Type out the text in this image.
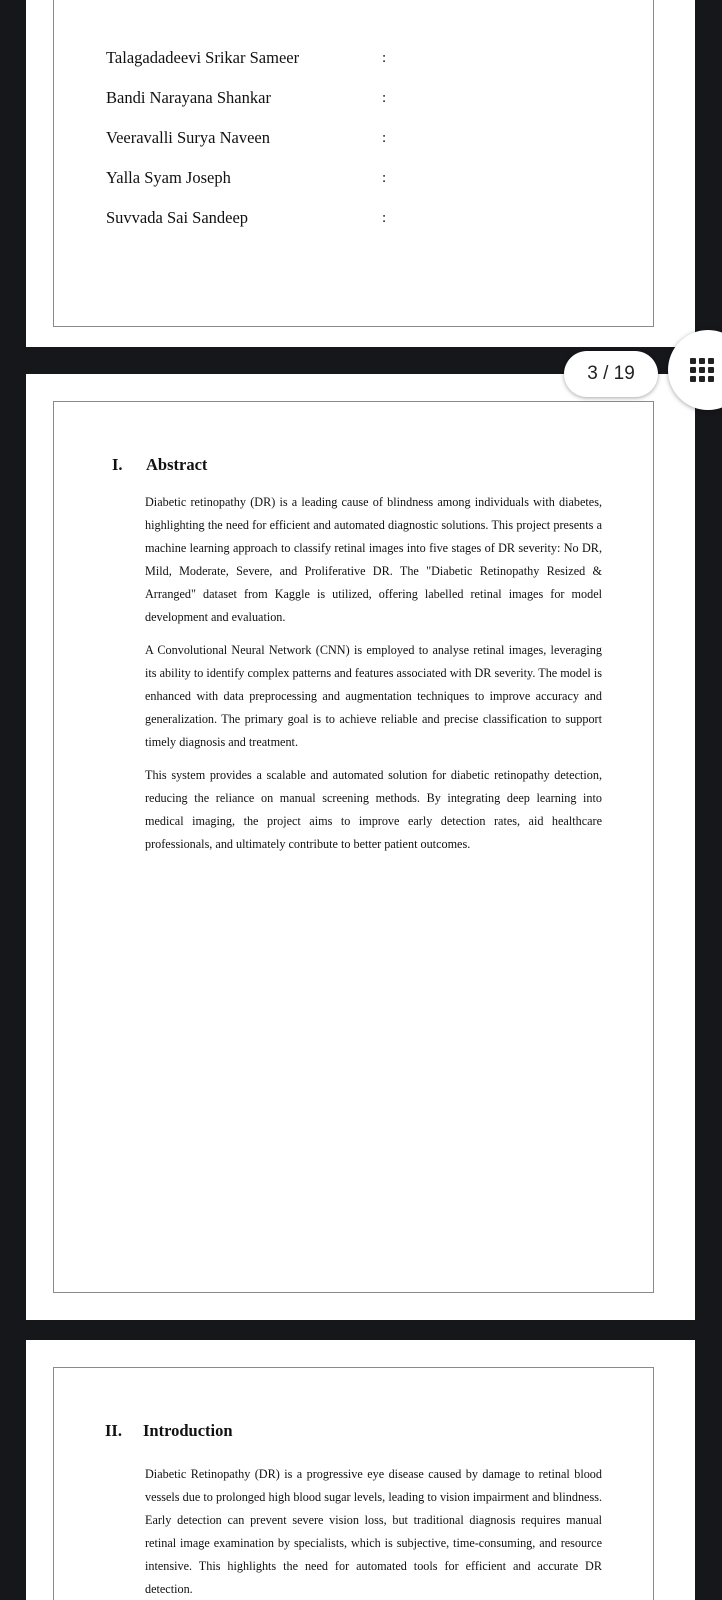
Talagadadeevi Srikar Sameer	:
Bandi Narayana Shankar	:
Veeravalli Surya Naveen	:
Yalla Syam Joseph	:
Suvvada Sai Sandeep	:
I. Abstract

Diabetic retinopathy (DR) is a leading cause of blindness among individuals with diabetes, highlighting the need for efficient and automated diagnostic solutions. This project presents a machine learning approach to classify retinal images into five stages of DR severity: No DR, Mild, Moderate, Severe, and Proliferative DR. The "Diabetic Retinopathy Resized & Arranged" dataset from Kaggle is utilized, offering labelled retinal images for model development and evaluation.

A Convolutional Neural Network (CNN) is employed to analyse retinal images, leveraging its ability to identify complex patterns and features associated with DR severity. The model is enhanced with data preprocessing and augmentation techniques to improve accuracy and generalization. The primary goal is to achieve reliable and precise classification to support timely diagnosis and treatment.

This system provides a scalable and automated solution for diabetic retinopathy detection, reducing the reliance on manual screening methods. By integrating deep learning into medical imaging, the project aims to improve early detection rates, aid healthcare professionals, and ultimately contribute to better patient outcomes.

II. Introduction

Diabetic Retinopathy (DR) is a progressive eye disease caused by damage to retinal blood vessels due to prolonged high blood sugar levels, leading to vision impairment and blindness. Early detection can prevent severe vision loss, but traditional diagnosis requires manual retinal image examination by specialists, which is subjective, time-consuming, and resource intensive. This highlights the need for automated tools for efficient and accurate DR detection.

3 / 19
